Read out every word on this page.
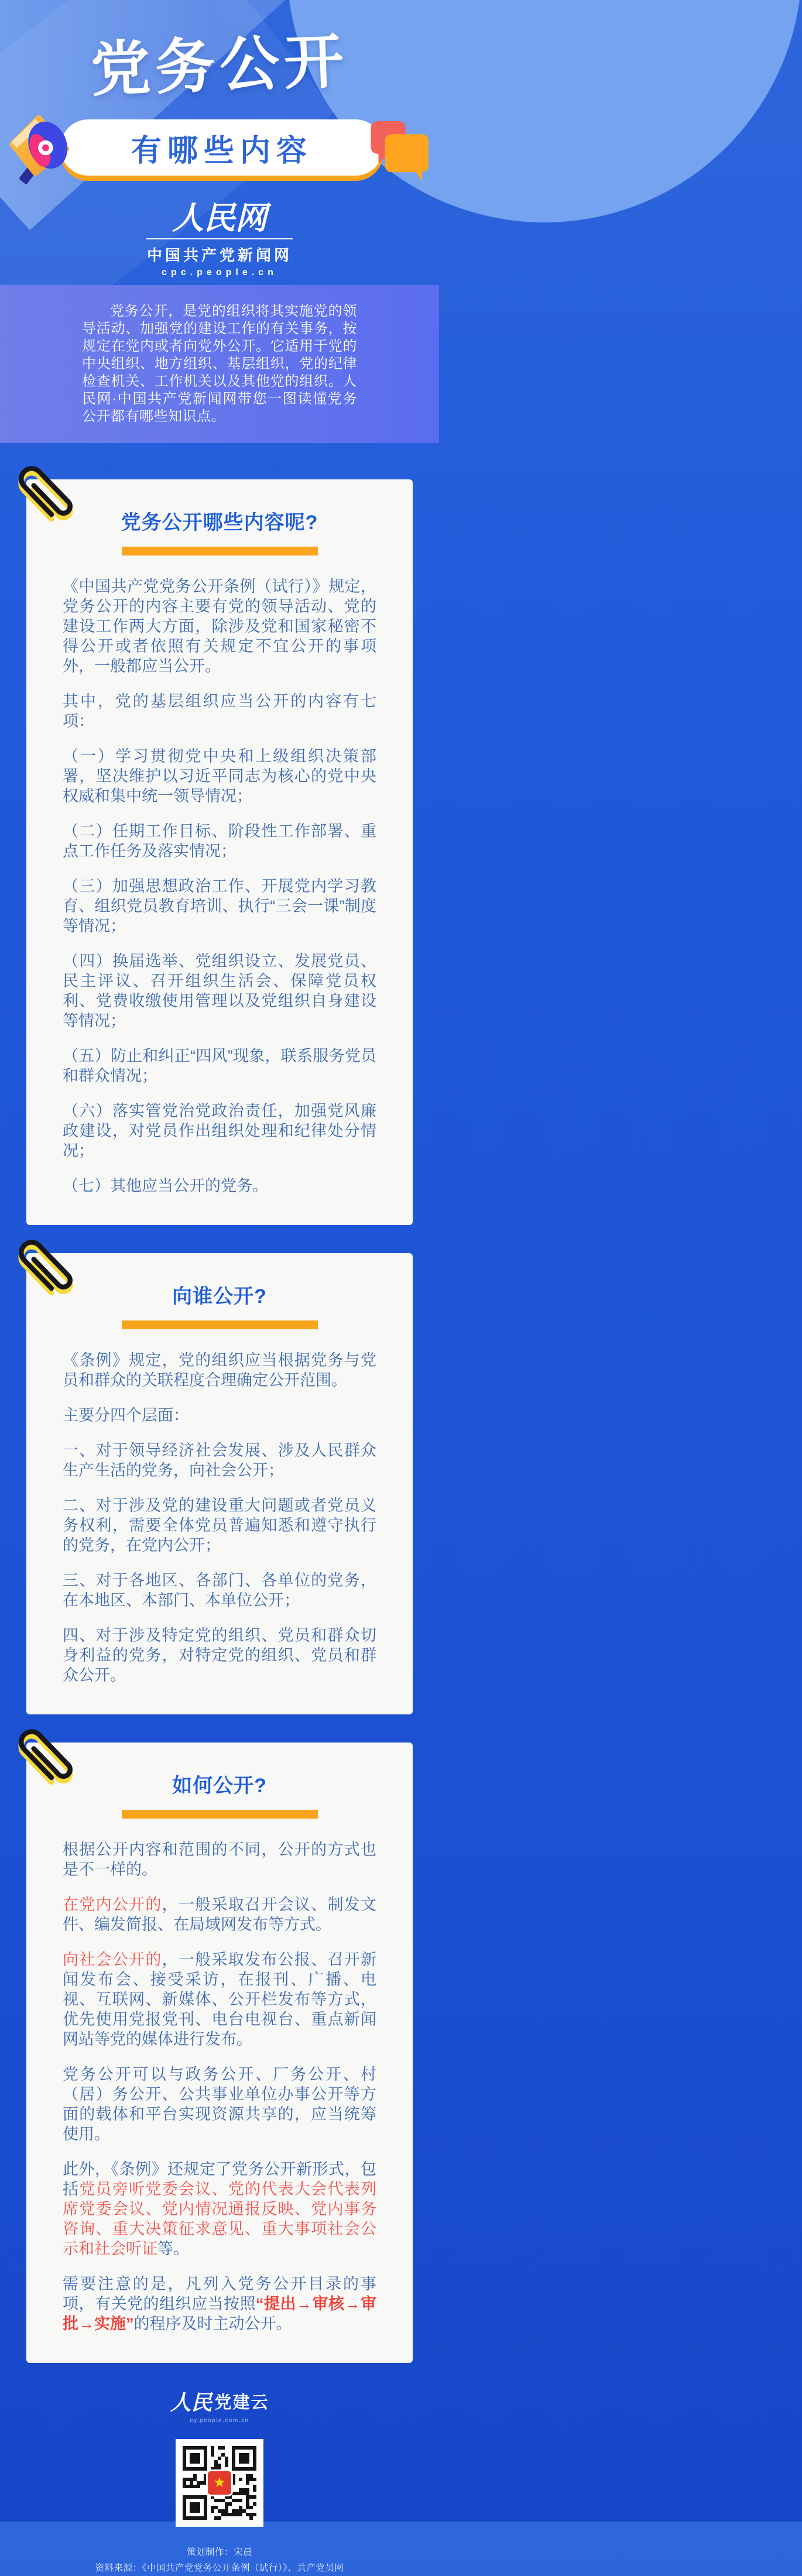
党务公开
有哪些内容
人民网
中国共产党新闻网
cpc.people.cn

党务公开，是党的组织将其实施党的领导活动、加强党的建设工作的有关事务，按规定在党内或者向党外公开。它适用于党的中央组织、地方组织、基层组织，党的纪律检查机关、工作机关以及其他党的组织。人民网·中国共产党新闻网带您一图读懂党务公开都有哪些知识点。

党务公开哪些内容呢?

《中国共产党党务公开条例（试行）》规定，党务公开的内容主要有党的领导活动、党的建设工作两大方面，除涉及党和国家秘密不得公开或者依照有关规定不宜公开的事项外，一般都应当公开。

其中，党的基层组织应当公开的内容有七项：

（一）学习贯彻党中央和上级组织决策部署，坚决维护以习近平同志为核心的党中央权威和集中统一领导情况；

（二）任期工作目标、阶段性工作部署、重点工作任务及落实情况；

（三）加强思想政治工作、开展党内学习教育、组织党员教育培训、执行“三会一课”制度等情况；

（四）换届选举、党组织设立、发展党员、民主评议、召开组织生活会、保障党员权利、党费收缴使用管理以及党组织自身建设等情况；

（五）防止和纠正“四风”现象，联系服务党员和群众情况；

（六）落实管党治党政治责任，加强党风廉政建设，对党员作出组织处理和纪律处分情况；

（七）其他应当公开的党务。

向谁公开?

《条例》规定，党的组织应当根据党务与党员和群众的关联程度合理确定公开范围。

主要分四个层面：

一、对于领导经济社会发展、涉及人民群众生产生活的党务，向社会公开；

二、对于涉及党的建设重大问题或者党员义务权利，需要全体党员普遍知悉和遵守执行的党务，在党内公开；

三、对于各地区、各部门、各单位的党务，在本地区、本部门、本单位公开；

四、对于涉及特定党的组织、党员和群众切身利益的党务，对特定党的组织、党员和群众公开。

如何公开?

根据公开内容和范围的不同，公开的方式也是不一样的。

在党内公开的，一般采取召开会议、制发文件、编发简报、在局域网发布等方式。

向社会公开的，一般采取发布公报、召开新闻发布会、接受采访，在报刊、广播、电视、互联网、新媒体、公开栏发布等方式，优先使用党报党刊、电台电视台、重点新闻网站等党的媒体进行发布。

党务公开可以与政务公开、厂务公开、村（居）务公开、公共事业单位办事公开等方面的载体和平台实现资源共享的，应当统筹使用。

此外，《条例》还规定了党务公开新形式，包括党员旁听党委会议、党的代表大会代表列席党委会议、党内情况通报反映、党内事务咨询、重大决策征求意见、重大事项社会公示和社会听证等。

需要注意的是，凡列入党务公开目录的事项，有关党的组织应当按照“提出→审核→审批→实施”的程序及时主动公开。

人民 党建云
cy.people.com.cn
★

策划制作：宋晨

资料来源：《中国共产党党务公开条例（试行）》、共产党员网
